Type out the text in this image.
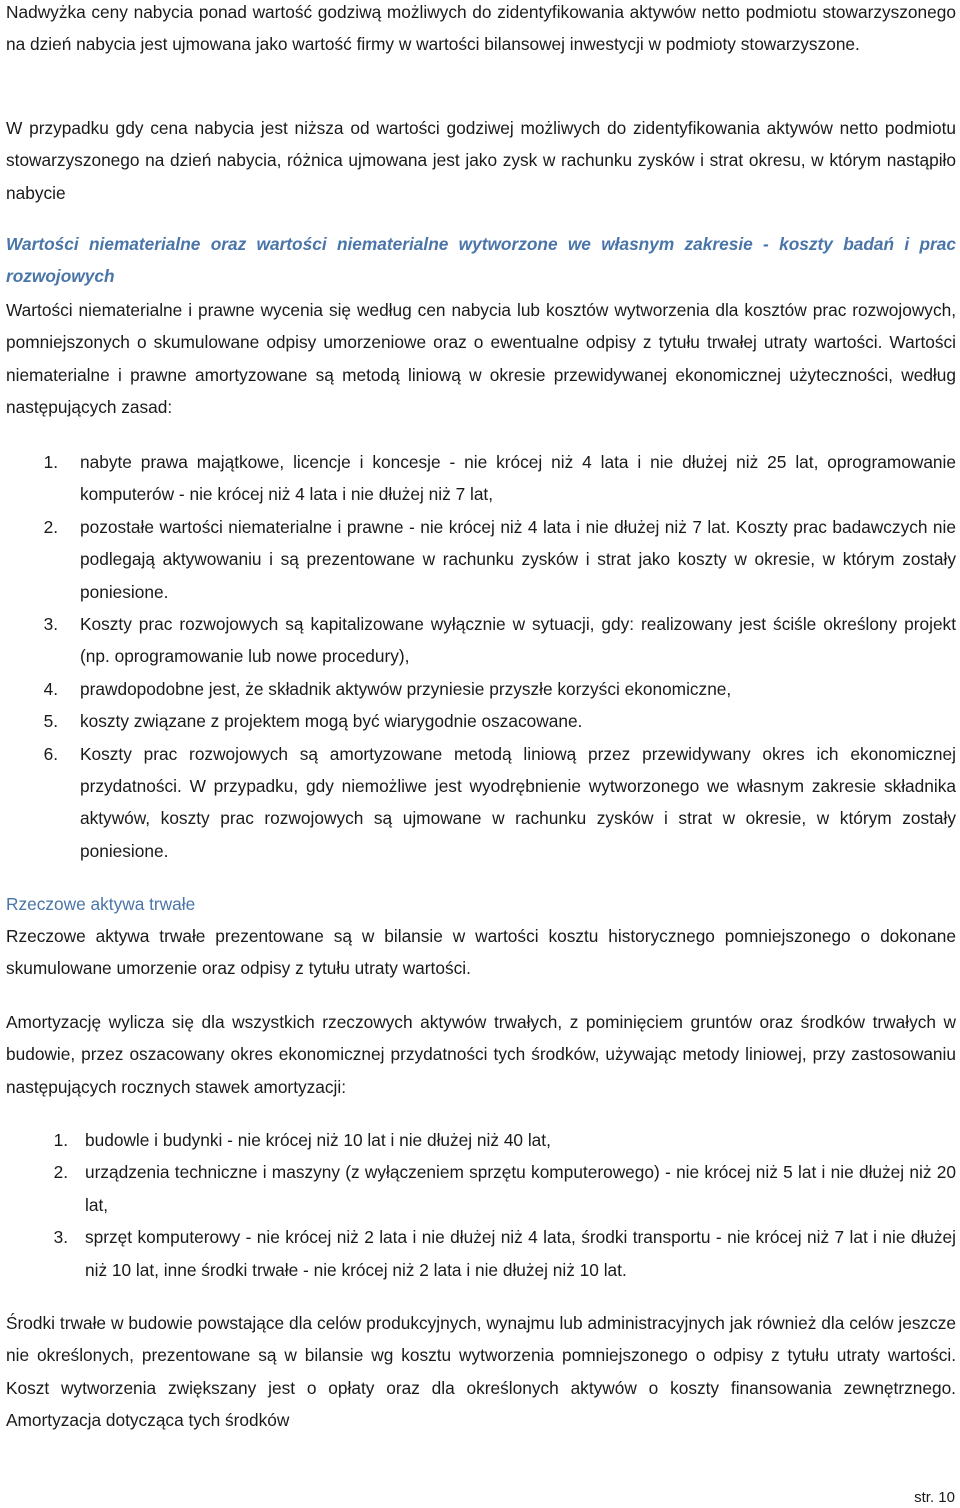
Nadwyżka ceny nabycia ponad wartość godziwą możliwych do zidentyfikowania aktywów netto podmiotu stowarzyszonego na dzień nabycia jest ujmowana jako wartość firmy w wartości bilansowej inwestycji w podmioty stowarzyszone.

W przypadku gdy cena nabycia jest niższa od wartości godziwej możliwych do zidentyfikowania aktywów netto podmiotu stowarzyszonego na dzień nabycia, różnica ujmowana jest jako zysk w rachunku zysków i strat okresu, w którym nastąpiło nabycie

Wartości niematerialne oraz wartości niematerialne wytworzone we własnym zakresie - koszty badań i prac rozwojowych

Wartości niematerialne i prawne wycenia się według cen nabycia lub kosztów wytworzenia dla kosztów prac rozwojowych, pomniejszonych o skumulowane odpisy umorzeniowe oraz o ewentualne odpisy z tytułu trwałej utraty wartości. Wartości niematerialne i prawne amortyzowane są metodą liniową w okresie przewidywanej ekonomicznej użyteczności, według następujących zasad:

1.	nabyte prawa majątkowe, licencje i koncesje - nie krócej niż 4 lata i nie dłużej niż 25 lat, oprogramowanie komputerów - nie krócej niż 4 lata i nie dłużej niż 7 lat,
2.	pozostałe wartości niematerialne i prawne - nie krócej niż 4 lata i nie dłużej niż 7 lat. Koszty prac badawczych nie podlegają aktywowaniu i są prezentowane w rachunku zysków i strat jako koszty w okresie, w którym zostały poniesione.
3.	Koszty prac rozwojowych są kapitalizowane wyłącznie w sytuacji, gdy: realizowany jest ściśle określony projekt (np. oprogramowanie lub nowe procedury),
4.	prawdopodobne jest, że składnik aktywów przyniesie przyszłe korzyści ekonomiczne,
5.	koszty związane z projektem mogą być wiarygodnie oszacowane.
6.	Koszty prac rozwojowych są amortyzowane metodą liniową przez przewidywany okres ich ekonomicznej przydatności. W przypadku, gdy niemożliwe jest wyodrębnienie wytworzonego we własnym zakresie składnika aktywów, koszty prac rozwojowych są ujmowane w rachunku zysków i strat w okresie, w którym zostały poniesione.

Rzeczowe aktywa trwałe

Rzeczowe aktywa trwałe prezentowane są w bilansie w wartości kosztu historycznego pomniejszonego o dokonane skumulowane umorzenie oraz odpisy z tytułu utraty wartości.

Amortyzację wylicza się dla wszystkich rzeczowych aktywów trwałych, z pominięciem gruntów oraz środków trwałych w budowie, przez oszacowany okres ekonomicznej przydatności tych środków, używając metody liniowej, przy zastosowaniu następujących rocznych stawek amortyzacji:

1. budowle i budynki - nie krócej niż 10 lat i nie dłużej niż 40 lat,
2. urządzenia techniczne i maszyny (z wyłączeniem sprzętu komputerowego) - nie krócej niż 5 lat i nie dłużej niż 20 lat,
3. sprzęt komputerowy - nie krócej niż 2 lata i nie dłużej niż 4 lata, środki transportu - nie krócej niż 7 lat i nie dłużej niż 10 lat, inne środki trwałe - nie krócej niż 2 lata i nie dłużej niż 10 lat.

Środki trwałe w budowie powstające dla celów produkcyjnych, wynajmu lub administracyjnych jak również dla celów jeszcze nie określonych, prezentowane są w bilansie wg kosztu wytworzenia pomniejszonego o odpisy z tytułu utraty wartości. Koszt wytworzenia zwiększany jest o opłaty oraz dla określonych aktywów o koszty finansowania zewnętrznego. Amortyzacja dotycząca tych środków

str. 10
